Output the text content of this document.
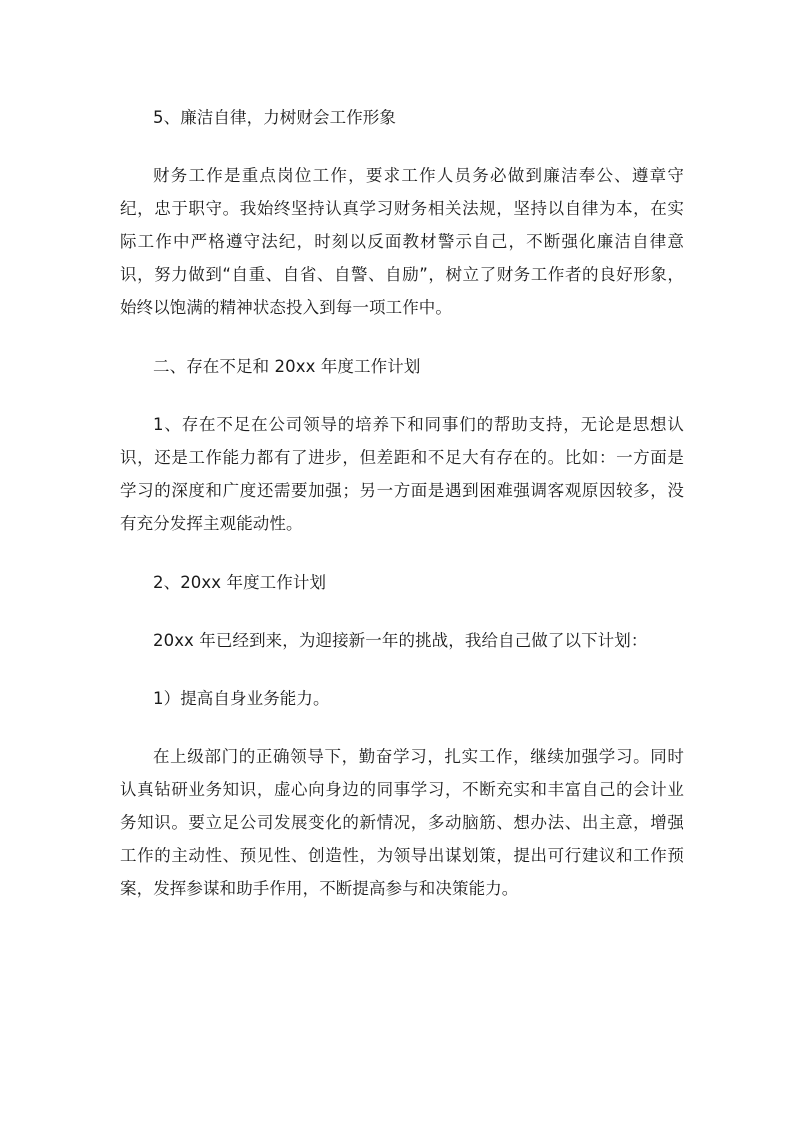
5、廉洁自律，力树财会工作形象

财务工作是重点岗位工作，要求工作人员务必做到廉洁奉公、遵章守纪，忠于职守。我始终坚持认真学习财务相关法规，坚持以自律为本，在实际工作中严格遵守法纪，时刻以反面教材警示自己，不断强化廉洁自律意识，努力做到“自重、自省、自警、自励”，树立了财务工作者的良好形象，始终以饱满的精神状态投入到每一项工作中。

二、存在不足和 20xx 年度工作计划

1、存在不足在公司领导的培养下和同事们的帮助支持，无论是思想认识，还是工作能力都有了进步，但差距和不足大有存在的。比如：一方面是学习的深度和广度还需要加强；另一方面是遇到困难强调客观原因较多，没有充分发挥主观能动性。

2、20xx 年度工作计划

20xx 年已经到来，为迎接新一年的挑战，我给自己做了以下计划：

1）提高自身业务能力。

在上级部门的正确领导下，勤奋学习，扎实工作，继续加强学习。同时认真钻研业务知识，虚心向身边的同事学习，不断充实和丰富自己的会计业务知识。要立足公司发展变化的新情况，多动脑筋、想办法、出主意，增强工作的主动性、预见性、创造性，为领导出谋划策，提出可行建议和工作预案，发挥参谋和助手作用，不断提高参与和决策能力。
